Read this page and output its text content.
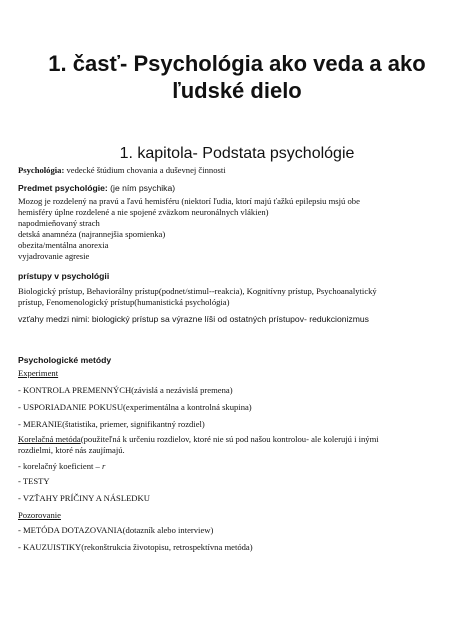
1. časť- Psychológia ako veda a ako
ľudské dielo
1. kapitola- Podstata psychológie

Psychológia: vedecké štúdium chovania a duševnej činnosti

Predmet psychológie: (je ním psychika)

Mozog je rozdelený na pravú a ľavú hemisféru (niektorí ľudia, ktorí majú ťažkú epilepsiu msjú obe
hemisféry úplne rozdelené a nie spojené zväzkom neuronálnych vlákien)
napodmieňovaný strach
detská anamnéza (najrannejšia spomienka)
obezita/mentálna anorexia
vyjadrovanie agresie

prístupy v psychológii

Biologický prístup, Behaviorálny prístup(podnet/stimul--reakcia), Kognitívny prístup, Psychoanalytický
prístup, Fenomenologický prístup(humanistická psychológia)

vzťahy medzi nimi: biologický prístup sa výrazne líši od ostatných prístupov- redukcionizmus

Psychologické metódy

Experiment

- KONTROLA PREMENNÝCH(závislá a nezávislá premena)

- USPORIADANIE POKUSU(experimentálna a kontrolná skupina)

- MERANIE(štatistika, priemer, signifikantný rozdiel)

Korelačná metóda(použiteľná k určeniu rozdielov, ktoré nie sú pod našou kontrolou- ale kolerujú i inými
rozdielmi, ktoré nás zaujímajú.

- korelačný koeficient – r

- TESTY

- VZŤAHY PRÍČINY A NÁSLEDKU

Pozorovanie

- METÓDA DOTAZOVANIA(dotazník alebo interview)

- KAUZUISTIKY(rekonštrukcia životopisu, retrospektívna metóda)
